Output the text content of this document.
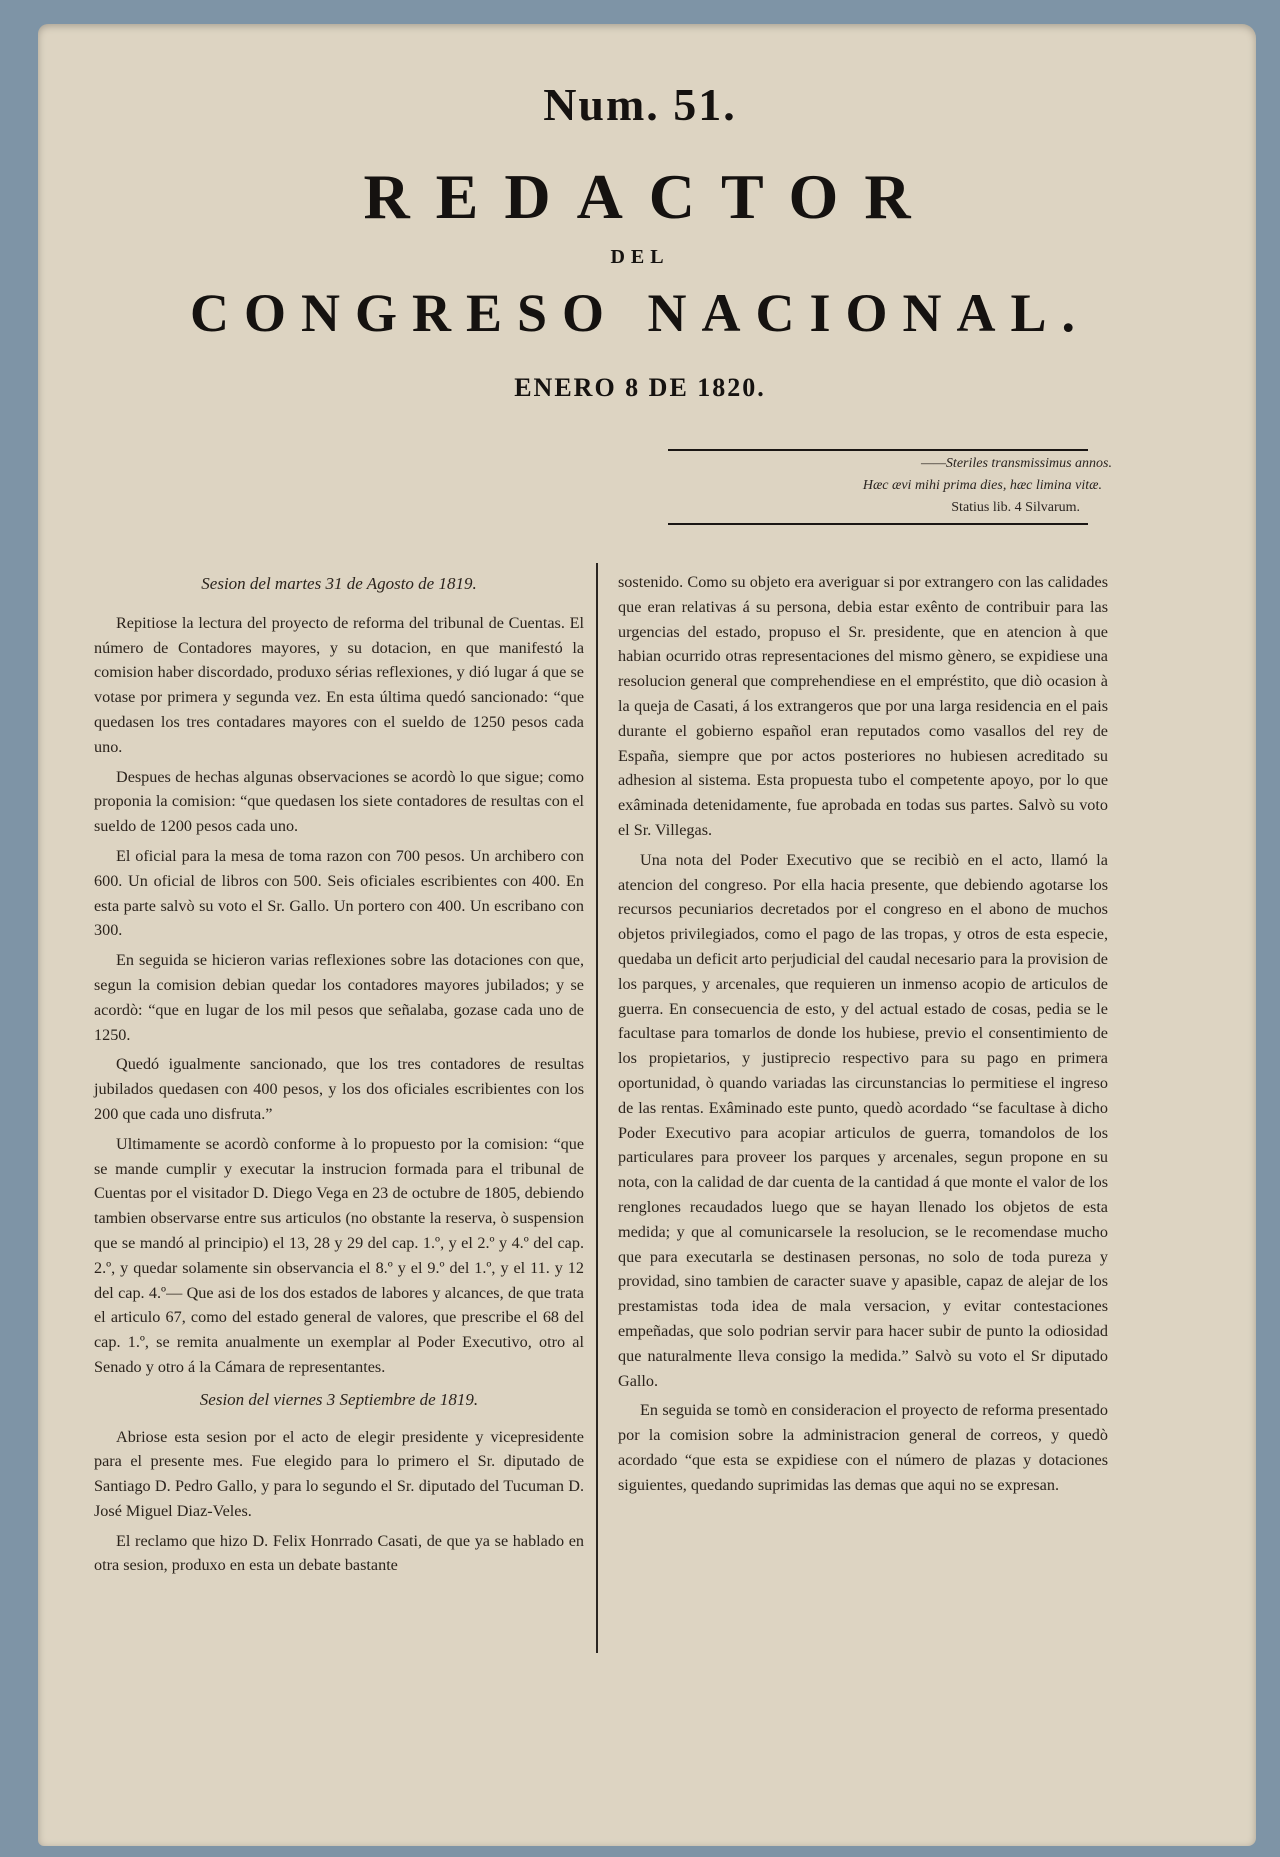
Num. 51.
REDACTOR
DEL
CONGRESO NACIONAL.
ENERO 8 DE 1820.
——Steriles transmissimus annos.
Hæc ævi mihi prima dies, hæc limina vitæ.
Statius lib. 4 Silvarum.

Sesion del martes 31 de Agosto de 1819.

Repitiose la lectura del proyecto de reforma del tribunal de Cuentas. El número de Contadores mayores, y su dotacion, en que manifestó la comision haber discordado, produxo sérias reflexiones, y dió lugar á que se votase por primera y segunda vez. En esta última quedó sancionado: “que quedasen los tres contadares mayores con el sueldo de 1250 pesos cada uno.

Despues de hechas algunas observaciones se acordò lo que sigue; como proponia la comision: “que quedasen los siete contadores de resultas con el sueldo de 1200 pesos cada uno.

El oficial para la mesa de toma razon con 700 pesos. Un archibero con 600. Un oficial de libros con 500. Seis oficiales escribientes con 400. En esta parte salvò su voto el Sr. Gallo. Un portero con 400. Un escribano con 300.

En seguida se hicieron varias reflexiones sobre las dotaciones con que, segun la comision debian quedar los contadores mayores jubilados; y se acordò: “que en lugar de los mil pesos que señalaba, gozase cada uno de 1250.

Quedó igualmente sancionado, que los tres contadores de resultas jubilados quedasen con 400 pesos, y los dos oficiales escribientes con los 200 que cada uno disfruta.”

Ultimamente se acordò conforme à lo propuesto por la comision: “que se mande cumplir y executar la instrucion formada para el tribunal de Cuentas por el visitador D. Diego Vega en 23 de octubre de 1805, debiendo tambien observarse entre sus articulos (no obstante la reserva, ò suspension que se mandó al principio) el 13, 28 y 29 del cap. 1.º, y el 2.º y 4.º del cap. 2.º, y quedar solamente sin observancia el 8.º y el 9.º del 1.º, y el 11. y 12 del cap. 4.º— Que asi de los dos estados de labores y alcances, de que trata el articulo 67, como del estado general de valores, que prescribe el 68 del cap. 1.º, se remita anualmente un exemplar al Poder Executivo, otro al Senado y otro á la Cámara de representantes.

Sesion del viernes 3 Septiembre de 1819.

Abriose esta sesion por el acto de elegir presidente y vicepresidente para el presente mes. Fue elegido para lo primero el Sr. diputado de Santiago D. Pedro Gallo, y para lo segundo el Sr. diputado del Tucuman D. José Miguel Diaz-Veles.

El reclamo que hizo D. Felix Honrrado Casati, de que ya se hablado en otra sesion, produxo en esta un debate bastante

sostenido. Como su objeto era averiguar si por extrangero con las calidades que eran relativas á su persona, debia estar exênto de contribuir para las urgencias del estado, propuso el Sr. presidente, que en atencion à que habian ocurrido otras representaciones del mismo gènero, se expidiese una resolucion general que comprehendiese en el empréstito, que diò ocasion à la queja de Casati, á los extrangeros que por una larga residencia en el pais durante el gobierno español eran reputados como vasallos del rey de España, siempre que por actos posteriores no hubiesen acreditado su adhesion al sistema. Esta propuesta tubo el competente apoyo, por lo que exâminada detenidamente, fue aprobada en todas sus partes. Salvò su voto el Sr. Villegas.

Una nota del Poder Executivo que se recibiò en el acto, llamó la atencion del congreso. Por ella hacia presente, que debiendo agotarse los recursos pecuniarios decretados por el congreso en el abono de muchos objetos privilegiados, como el pago de las tropas, y otros de esta especie, quedaba un deficit arto perjudicial del caudal necesario para la provision de los parques, y arcenales, que requieren un inmenso acopio de articulos de guerra. En consecuencia de esto, y del actual estado de cosas, pedia se le facultase para tomarlos de donde los hubiese, previo el consentimiento de los propietarios, y justiprecio respectivo para su pago en primera oportunidad, ò quando variadas las circunstancias lo permitiese el ingreso de las rentas. Exâminado este punto, quedò acordado “se facultase à dicho Poder Executivo para acopiar articulos de guerra, tomandolos de los particulares para proveer los parques y arcenales, segun propone en su nota, con la calidad de dar cuenta de la cantidad á que monte el valor de los renglones recaudados luego que se hayan llenado los objetos de esta medida; y que al comunicarsele la resolucion, se le recomendase mucho que para executarla se destinasen personas, no solo de toda pureza y providad, sino tambien de caracter suave y apasible, capaz de alejar de los prestamistas toda idea de mala versacion, y evitar contestaciones empeñadas, que solo podrian servir para hacer subir de punto la odiosidad que naturalmente lleva consigo la medida.” Salvò su voto el Sr diputado Gallo.

En seguida se tomò en consideracion el proyecto de reforma presentado por la comision sobre la administracion general de correos, y quedò acordado “que esta se expidiese con el número de plazas y dotaciones siguientes, quedando suprimidas las demas que aqui no se expresan.
